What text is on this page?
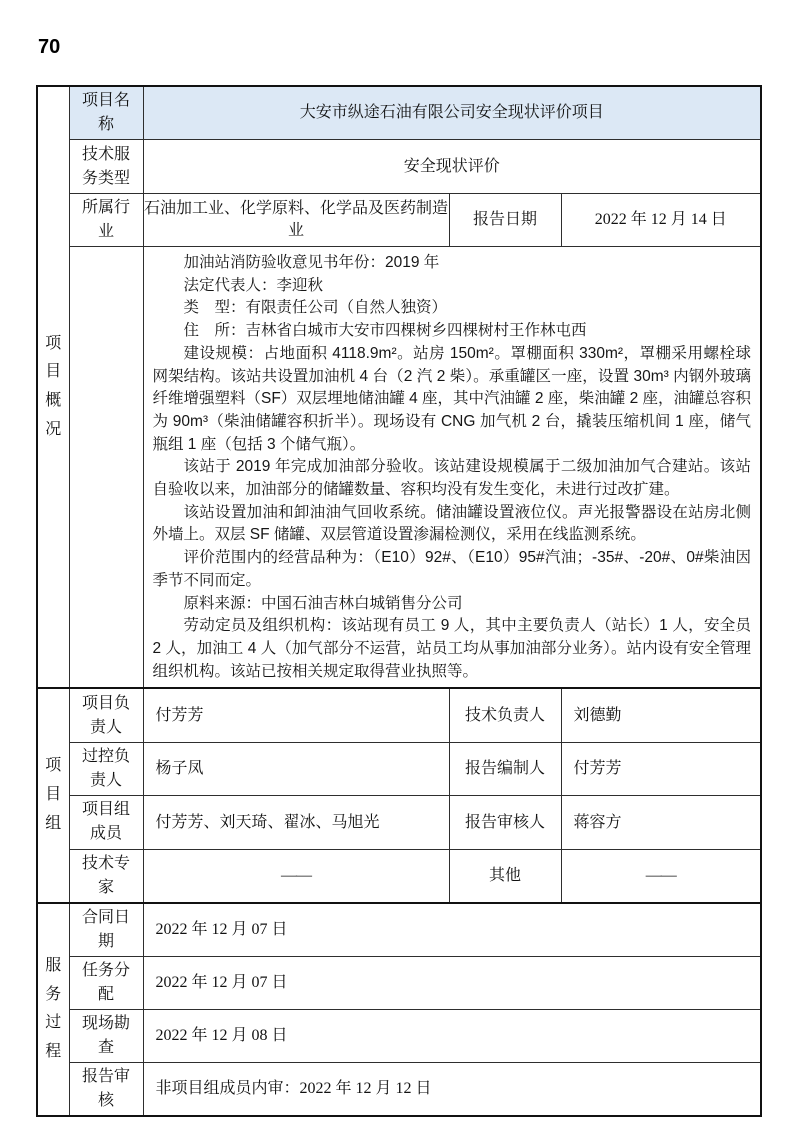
70
项目概况	项目名称	大安市纵途石油有限公司安全现状评价项目		

	技术服务类型	安全现状评价		

	所属行业	石油加工业、化学原料、化学品及医药制造业	报告日期	2022 年 12 月 14 日

加油站消防验收意见书年份：2019 年

法定代表人：李迎秋

类　型：有限责任公司（自然人独资）

住　所：吉林省白城市大安市四棵树乡四棵树村王作林屯西

建设规模：占地面积 4118.9m²。站房 150m²。罩棚面积 330m²，罩棚采用螺栓球网架结构。该站共设置加油机 4 台（2 汽 2 柴）。承重罐区一座，设置 30m³ 内钢外玻璃纤维增强塑料（SF）双层埋地储油罐 4 座，其中汽油罐 2 座，柴油罐 2 座，油罐总容积为 90m³（柴油储罐容积折半）。现场设有 CNG 加气机 2 台，撬装压缩机间 1 座，储气瓶组 1 座（包括 3 个储气瓶）。

该站于 2019 年完成加油部分验收。该站建设规模属于二级加油加气合建站。该站自验收以来，加油部分的储罐数量、容积均没有发生变化，未进行过改扩建。

该站设置加油和卸油油气回收系统。储油罐设置液位仪。声光报警器设在站房北侧外墙上。双层 SF 储罐、双层管道设置渗漏检测仪，采用在线监测系统。

评价范围内的经营品种为：（E10）92#、（E10）95#汽油；-35#、-20#、0#柴油因季节不同而定。

原料来源：中国石油吉林白城销售分公司

劳动定员及组织机构：该站现有员工 9 人，其中主要负责人（站长）1 人，安全员 2 人，加油工 4 人（加气部分不运营，站员工均从事加油部分业务）。站内设有安全管理组织机构。该站已按相关规定取得营业执照等。

项目组	项目负责人	付芳芳	技术负责人	刘德勤

	过控负责人	杨子凤	报告编制人	付芳芳

	项目组成员	付芳芳、刘天琦、翟冰、马旭光	报告审核人	蒋容方

	技术专家	——	其他	——

服务过程	合同日期	2022 年 12 月 07 日		

	任务分配	2022 年 12 月 07 日		

	现场勘查	2022 年 12 月 08 日		

	报告审核	非项目组成员内审：2022 年 12 月 12 日		
